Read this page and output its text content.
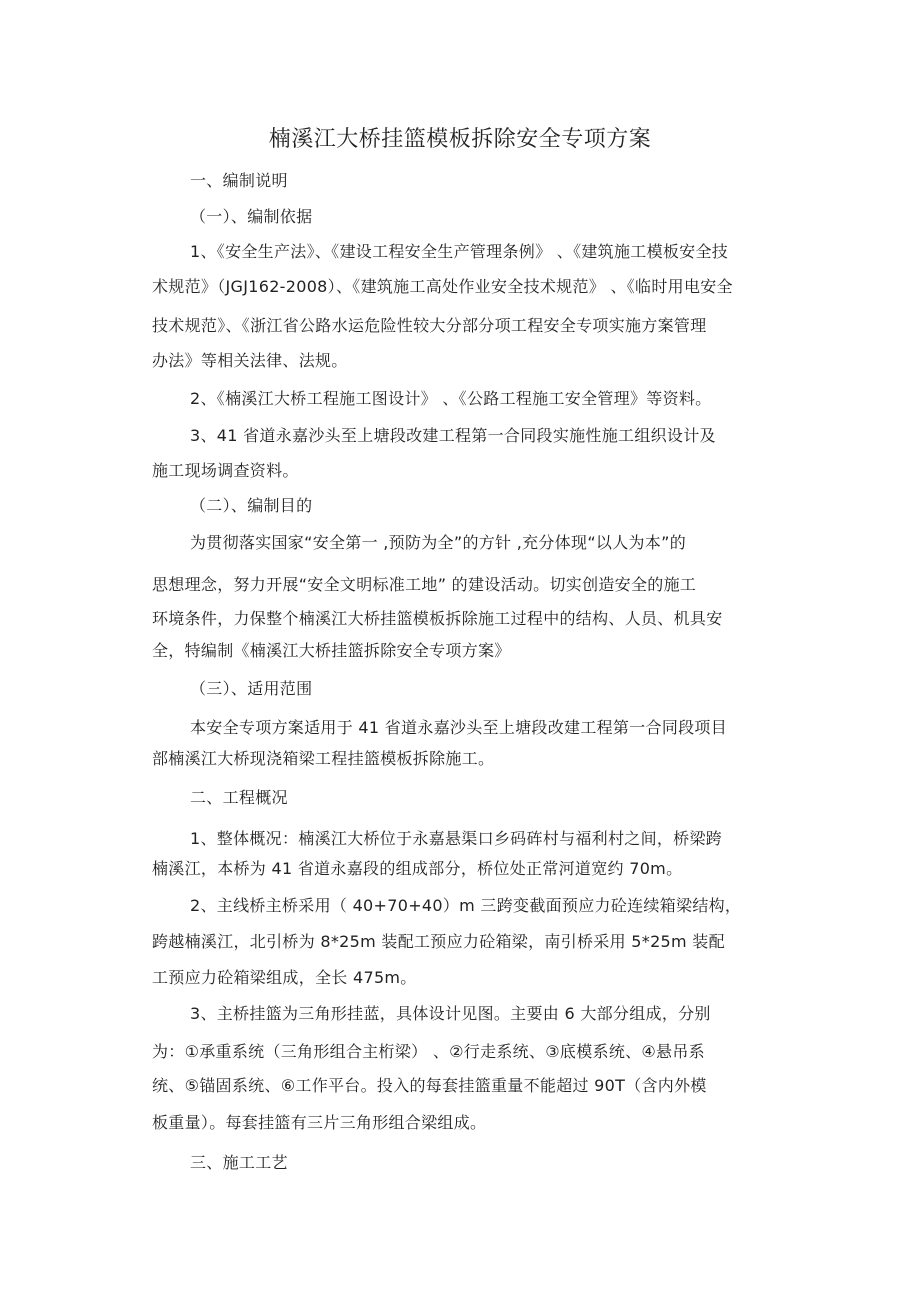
楠溪江大桥挂篮模板拆除安全专项方案
一、编制说明
（一）、编制依据
1、《安全生产法》、《建设工程安全生产管理条例》 、《建筑施工模板安全技
术规范》（JGJ162-2008）、《建筑施工高处作业安全技术规范》 、《临时用电安全
技术规范》、《浙江省公路水运危险性较大分部分项工程安全专项实施方案管理
办法》等相关法律、法规。
2、《楠溪江大桥工程施工图设计》 、《公路工程施工安全管理》等资料。
3、41 省道永嘉沙头至上塘段改建工程第一合同段实施性施工组织设计及
施工现场调查资料。
（二）、编制目的
为贯彻落实国家“安全第一 ,预防为全”的方针 ,充分体现“以人为本”的
思想理念，努力开展“安全文明标准工地” 的建设活动。切实创造安全的施工
环境条件，力保整个楠溪江大桥挂篮模板拆除施工过程中的结构、人员、机具安
全，特编制《楠溪江大桥挂篮拆除安全专项方案》
（三）、适用范围
本安全专项方案适用于 41 省道永嘉沙头至上塘段改建工程第一合同段项目
部楠溪江大桥现浇箱梁工程挂篮模板拆除施工。
二、工程概况
1、整体概况：楠溪江大桥位于永嘉悬渠口乡码砗村与福利村之间，桥梁跨
楠溪江，本桥为 41 省道永嘉段的组成部分，桥位处正常河道宽约 70m。
2、主线桥主桥采用（ 40+70+40）m 三跨变截面预应力砼连续箱梁结构，
跨越楠溪江，北引桥为 8*25m 装配工预应力砼箱梁，南引桥采用 5*25m 装配
工预应力砼箱梁组成，全长 475m。
3、主桥挂篮为三角形挂蓝，具体设计见图。主要由 6 大部分组成，分别
为：①承重系统（三角形组合主桁梁） 、②行走系统、③底模系统、④悬吊系
统、⑤锚固系统、⑥工作平台。投入的每套挂篮重量不能超过 90T（含内外模
板重量）。每套挂篮有三片三角形组合梁组成。
三、施工工艺
